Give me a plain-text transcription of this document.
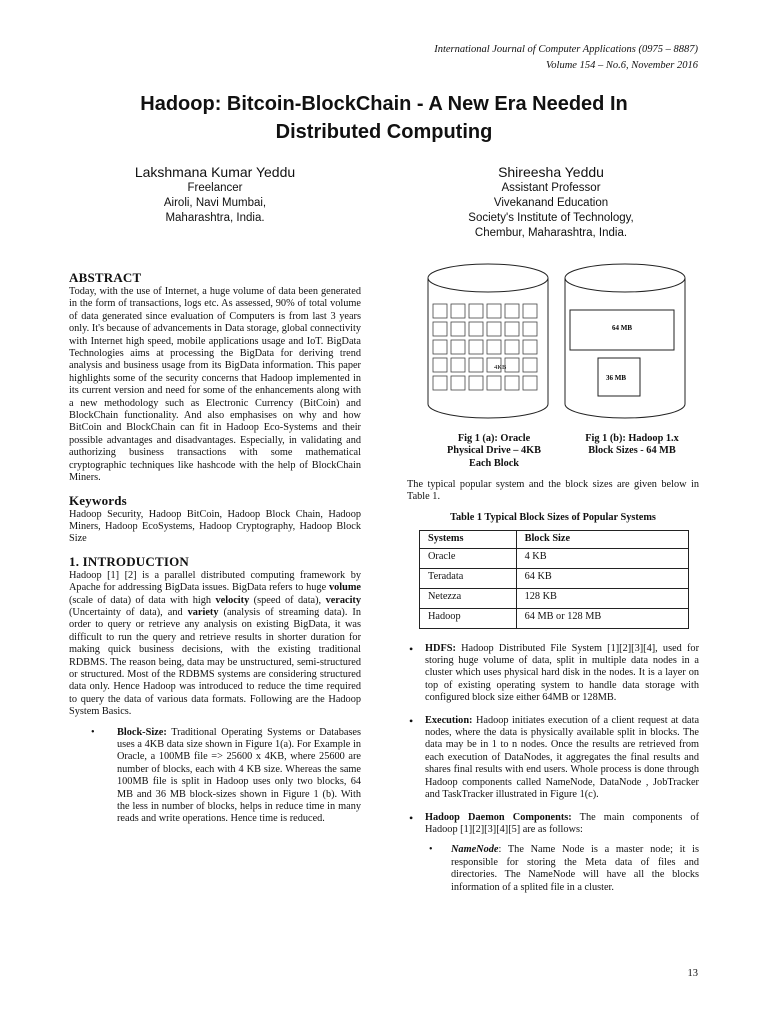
International Journal of Computer Applications (0975 – 8887)
Volume 154 – No.6, November 2016
Hadoop: Bitcoin-BlockChain - A New Era Needed In
Distributed Computing
Lakshmana Kumar Yeddu
Freelancer
Airoli, Navi Mumbai,
Maharashtra, India.
Shireesha Yeddu
Assistant Professor
Vivekanand Education
Society's Institute of Technology,
Chembur, Maharashtra, India.
ABSTRACT

Today, with the use of Internet, a huge volume of data been generated in the form of transactions, logs etc. As assessed, 90% of total volume of data generated since evaluation of Computers is from last 3 years only. It's because of advancements in Data storage, global connectivity with Internet high speed, mobile applications usage and IoT. BigData Technologies aims at processing the BigData for deriving trend analysis and business usage from its BigData information. This paper highlights some of the security concerns that Hadoop implemented in its current version and need for some of the enhancements along with a new methodology such as Electronic Currency (BitCoin) and BlockChain functionality. And also emphasises on why and how BitCoin and BlockChain can fit in Hadoop Eco-Systems and their possible advantages and disadvantages. Especially, in validating and authorizing business transactions with some mathematical cryptographic techniques like hashcode with the help of BlockChain Miners.

Keywords

Hadoop Security, Hadoop BitCoin, Hadoop Block Chain, Hadoop Miners, Hadoop EcoSystems, Hadoop Cryptography, Hadoop Block Size

1. INTRODUCTION

Hadoop [1] [2] is a parallel distributed computing framework by Apache for addressing BigData issues. BigData refers to huge volume (scale of data) of data with high velocity (speed of data), veracity (Uncertainty of data), and variety (analysis of streaming data). In order to query or retrieve any analysis on existing BigData, it was difficult to run the query and retrieve results in shorter duration for making quick business decisions, with the existing traditional RDBMS. The reason being, data may be unstructured, semi-structured or structured. Most of the RDBMS systems are considering structured data only. Hence Hadoop was introduced to reduce the time required to query the data of various data formats. Following are the Hadoop System Basics.

• Block-Size: Traditional Operating Systems or Databases uses a 4KB data size shown in Figure 1(a). For Example in Oracle, a 100MB file => 25600 x 4KB, where 25600 are number of blocks, each with 4 KB size. Whereas the same 100MB file is split in Hadoop uses only two blocks, 64 MB and 36 MB block-sizes shown in Figure 1 (b). With the less in number of blocks, helps in reduce time in many reads and write operations. Hence time is reduced.
4KB
64 MB
36 MB
Fig 1 (a): Oracle
Physical Drive – 4KB
Each Block
Fig 1 (b): Hadoop 1.x
Block Sizes - 64 MB

The typical popular system and the block sizes are given below in Table 1.

Table 1 Typical Block Sizes of Popular Systems
Systems	Block Size
Oracle	4 KB
Teradata	64 KB
Netezza	128 KB
Hadoop	64 MB or 128 MB
• HDFS: Hadoop Distributed File System [1][2][3][4], used for storing huge volume of data, split in multiple data nodes in a cluster which uses physical hard disk in the nodes. It is a layer on top of existing operating system to handle data storage with configured block size either 64MB or 128MB.
• Execution: Hadoop initiates execution of a client request at data nodes, where the data is physically available split in blocks. The data may be in 1 to n nodes. Once the results are retrieved from each execution of DataNodes, it aggregates the final results and shares final results with end users. Whole process is done through Hadoop components called NameNode, DataNode , JobTracker and TaskTracker illustrated in Figure 1(c).
• Hadoop Daemon Components: The main components of Hadoop [1][2][3][4][5] are as follows:
• NameNode: The Name Node is a master node; it is responsible for storing the Meta data of files and directories. The NameNode will have all the blocks information of a splited file in a cluster.
13
